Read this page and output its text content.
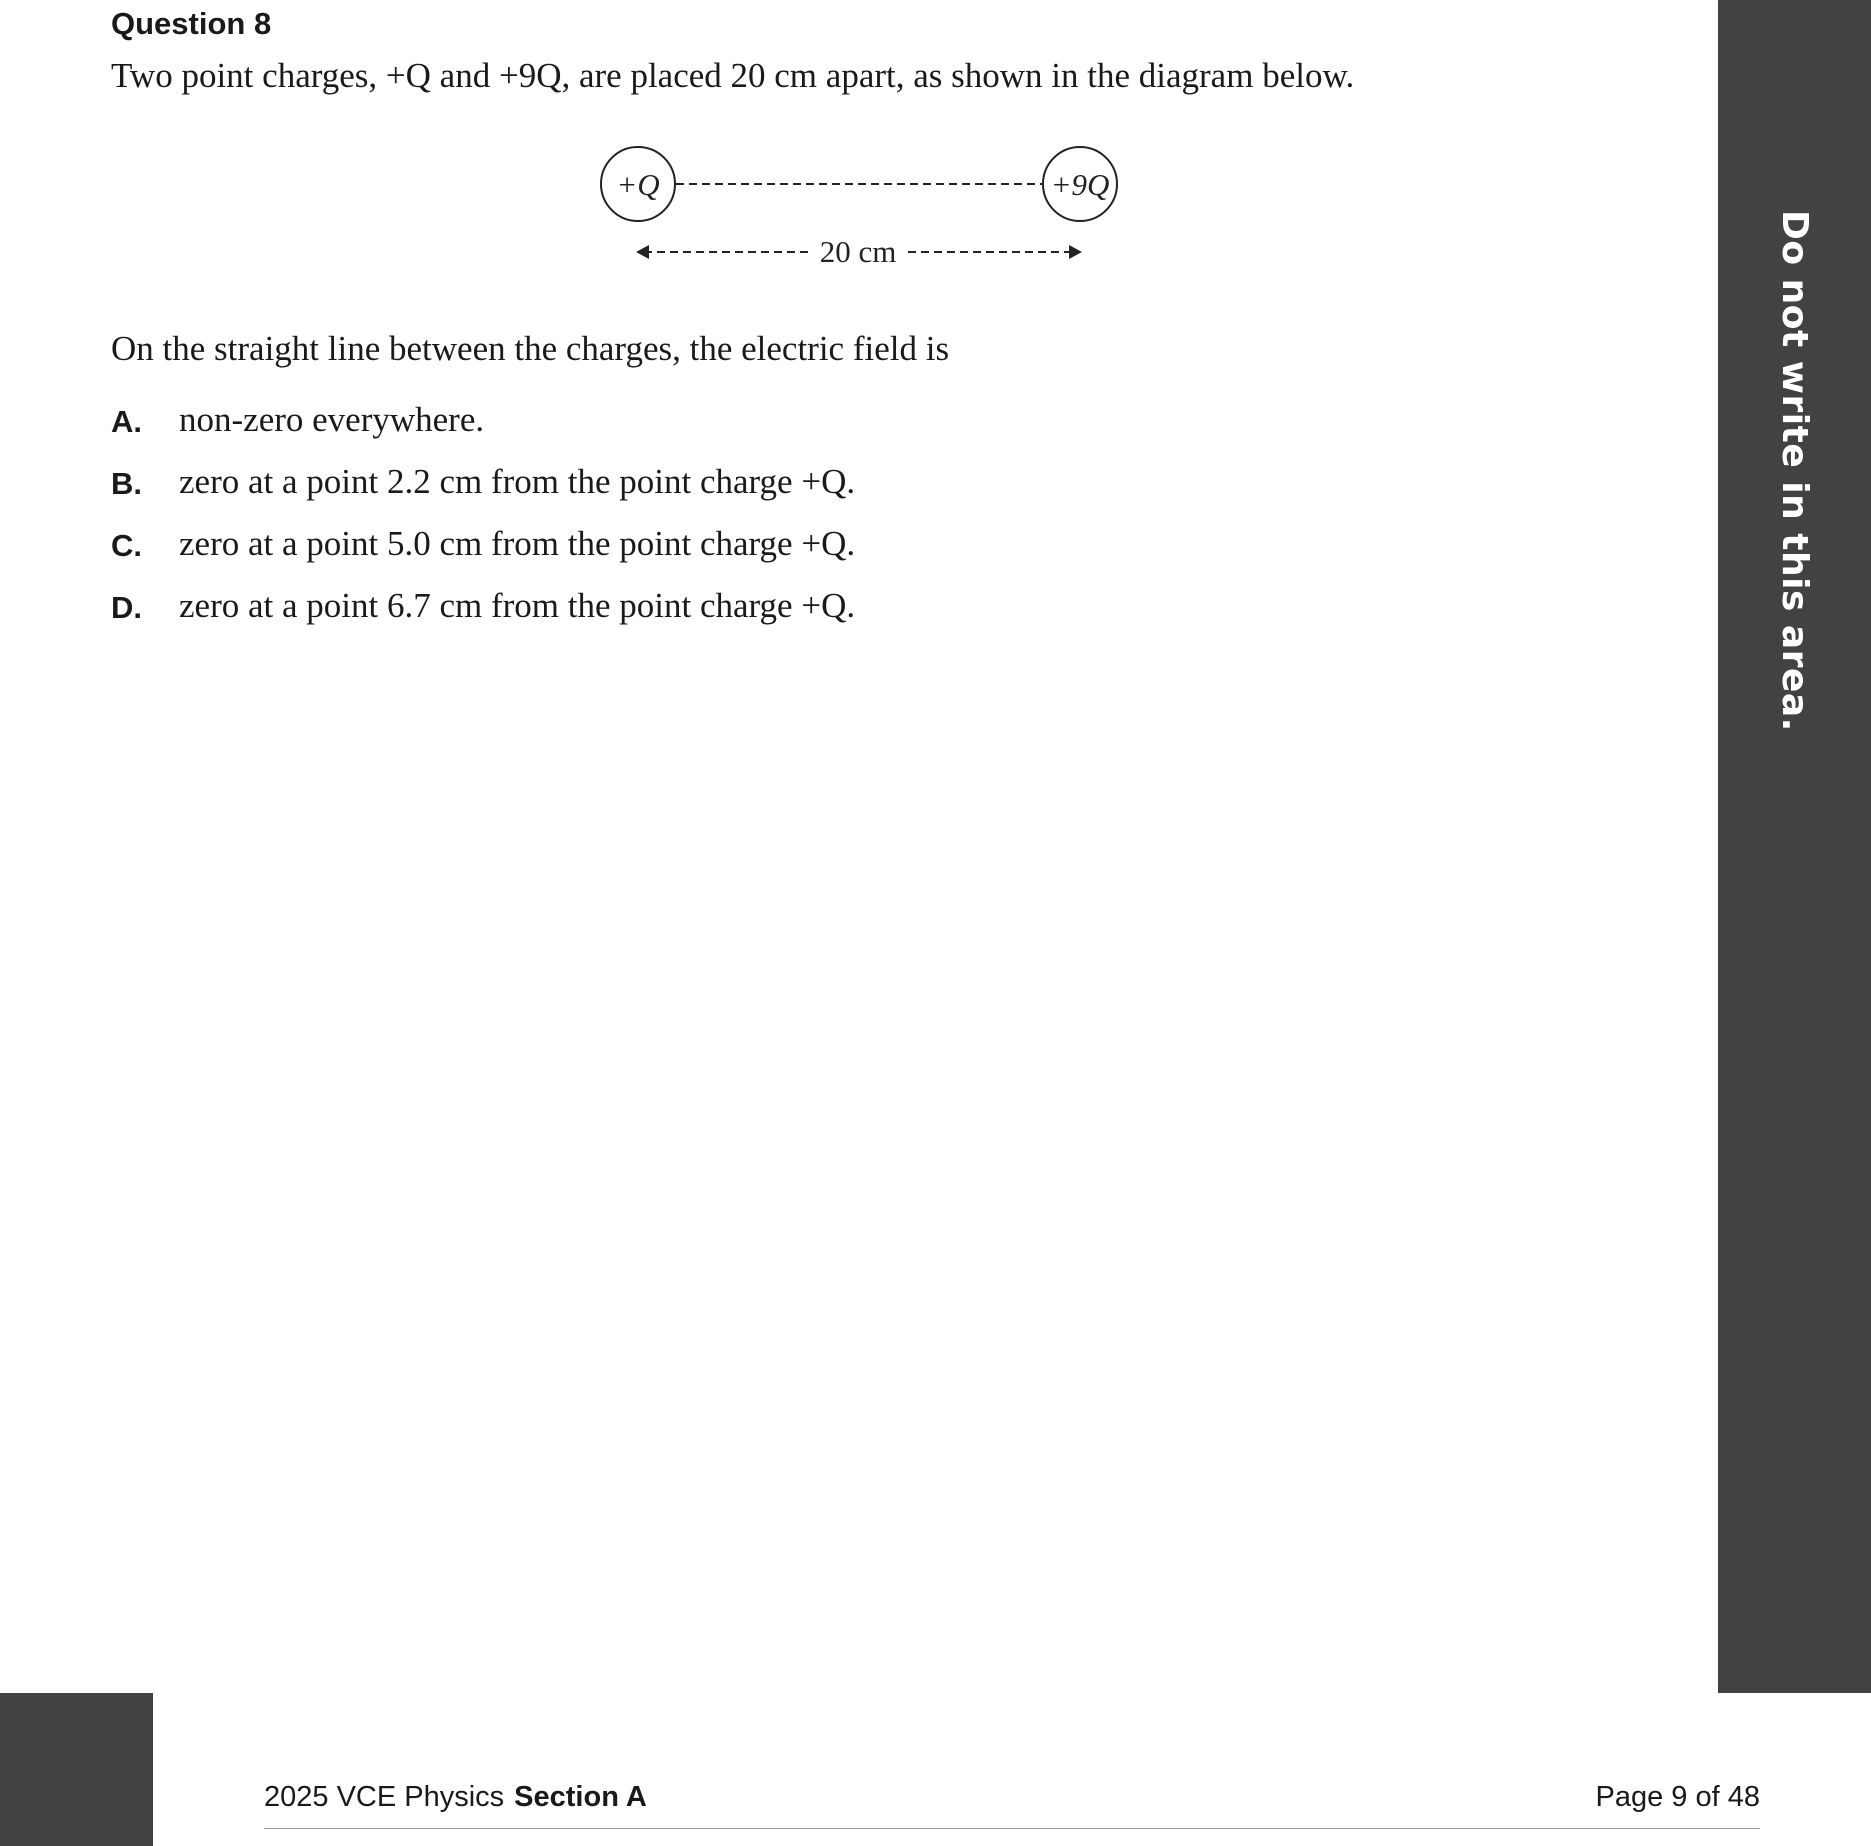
Do not write in this area.
Question 8
Two point charges, +Q and +9Q, are placed 20 cm apart, as shown in the diagram below.
+Q	+9Q
20 cm
On the straight line between the charges, the electric field is
A. non-zero everywhere.
B. zero at a point 2.2 cm from the point charge +Q.
C. zero at a point 5.0 cm from the point charge +Q.
D. zero at a point 6.7 cm from the point charge +Q.
2025 VCE Physics Section A	Page 9 of 48
